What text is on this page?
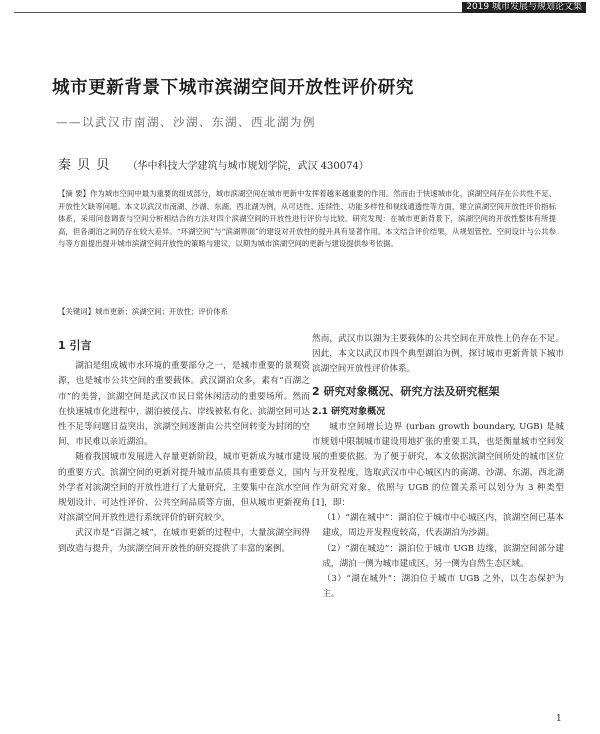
2019 城市发展与规划论文集
城市更新背景下城市滨湖空间开放性评价研究
——以武汉市南湖、沙湖、东湖、西北湖为例
秦 贝 贝 （华中科技大学建筑与城市规划学院，武汉 430074）

【摘 要】作为城市空间中最为重要的组成部分，城市滨湖空间在城市更新中发挥着越来越重要的作用。然而由于快速城市化，滨湖空间存在公共性不足、开放性欠缺等问题。本文以武汉市南湖、沙湖、东湖、西北湖为例，从可达性、连续性、功能多样性和视线通透性等方面，建立滨湖空间开放性评价指标体系，采用问卷调查与空间分析相结合的方法对四个滨湖空间的开放性进行评价与比较。研究发现：在城市更新背景下，滨湖空间的开放性整体有所提高，但各湖泊之间仍存在较大差异。“环湖空间”与“滨湖界面”的建设对开放性的提升具有显著作用。本文结合评价结果，从规划管控、空间设计与公共参与等方面提出提升城市滨湖空间开放性的策略与建议，以期为城市滨湖空间的更新与建设提供参考依据。

【关键词】城市更新；滨湖空间；开放性；评价体系
1 引言

湖泊是组成城市水环境的重要部分之一，是城市重要的景观资源，也是城市公共空间的重要载体。武汉湖泊众多，素有“百湖之市”的美誉，滨湖空间是武汉市民日常休闲活动的重要场所。然而在快速城市化进程中，湖泊被侵占、岸线被私有化、滨湖空间可达性不足等问题日益突出，滨湖空间逐渐由公共空间转变为封闭的空间，市民难以亲近湖泊。

随着我国城市发展进入存量更新阶段，城市更新成为城市建设的重要方式。滨湖空间的更新对提升城市品质具有重要意义，国内外学者对滨湖空间的开放性进行了大量研究，主要集中在滨水空间规划设计、可达性评价、公共空间品质等方面，但从城市更新视角对滨湖空间开放性进行系统评价的研究较少。

武汉市是“百湖之城”，在城市更新的过程中，大量滨湖空间得到改造与提升，为滨湖空间开放性的研究提供了丰富的案例。

然而，武汉市以湖为主要载体的公共空间在开放性上仍存在不足。因此，本文以武汉市四个典型湖泊为例，探讨城市更新背景下城市滨湖空间开放性评价体系。

2 研究对象概况、研究方法及研究框架
2.1 研究对象概况

城市空间增长边界 (urban growth boundary, UGB) 是城市规划中限制城市建设用地扩张的重要工具，也是衡量城市空间发展的重要依据。为了便于研究，本文依据滨湖空间所处的城市区位与开发程度，选取武汉市中心城区内的南湖、沙湖、东湖、西北湖作为研究对象，依照与 UGB 的位置关系可以划分为 3 种类型 [1]，即：

（1）“湖在城中”：湖泊位于城市中心城区内，滨湖空间已基本建成，周边开发程度较高，代表湖泊为沙湖。

（2）“湖在城边”：湖泊位于城市 UGB 边缘，滨湖空间部分建成，湖泊一侧为城市建成区，另一侧为自然生态区域。

（3）“湖在城外”：湖泊位于城市 UGB 之外，以生态保护为主。

1
